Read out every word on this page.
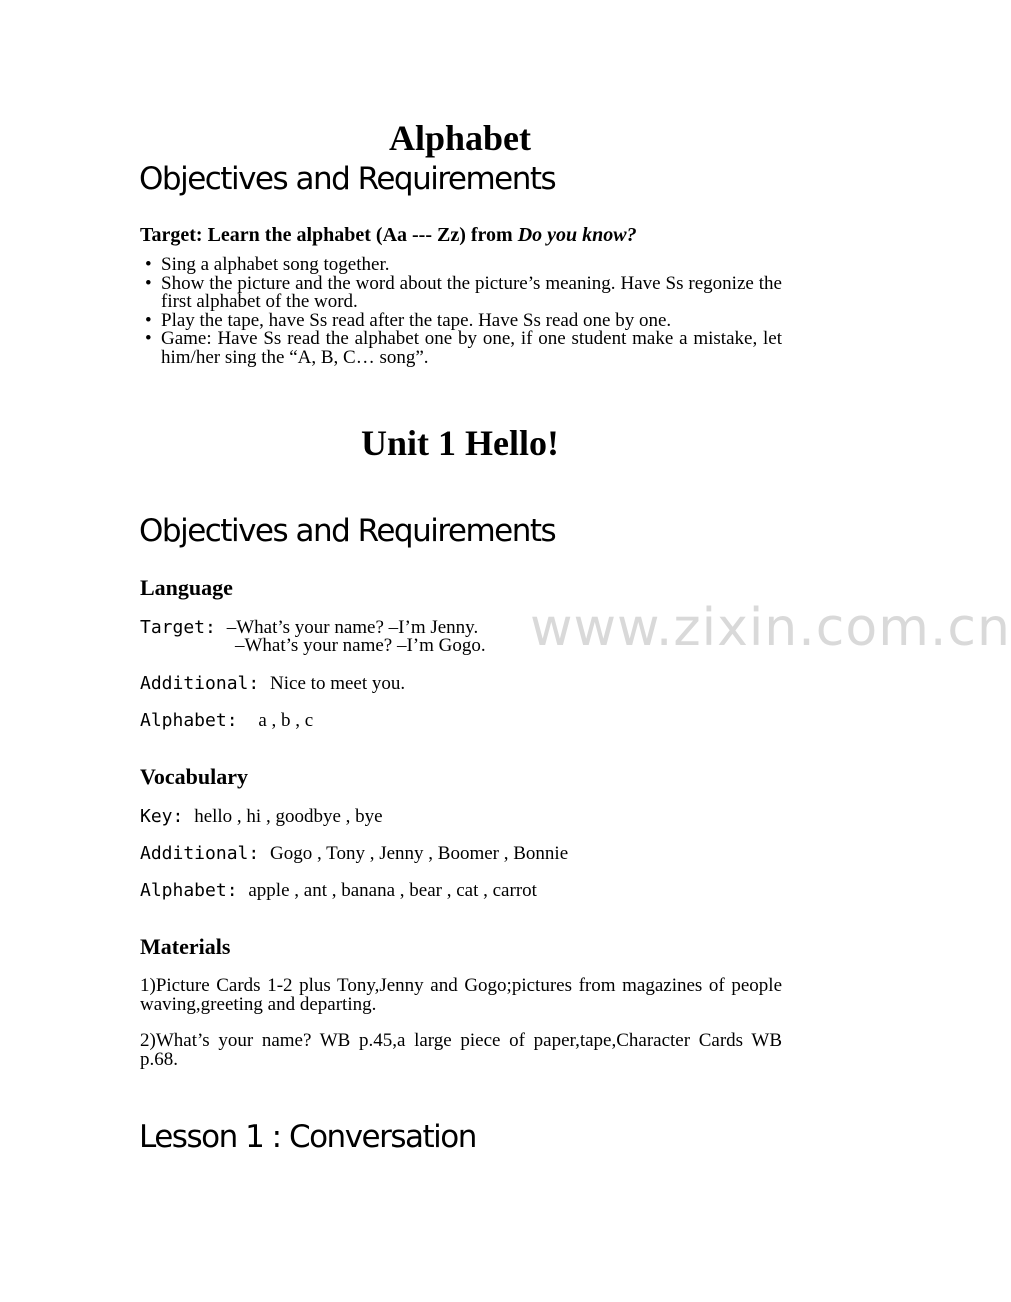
www.zixin.com.cn
Alphabet
Objectives and Requirements
Target: Learn the alphabet (Aa --- Zz) from Do you know?
• Sing a alphabet song together.
• Show the picture and the word about the picture’s meaning. Have Ss regonize the first alphabet of the word.
• Play the tape, have Ss read after the tape. Have Ss read one by one.
• Game: Have Ss read the alphabet one by one, if one student make a mistake, let him/her sing the “A, B, C… song”.
Unit 1 Hello!
Objectives and Requirements
Language
Target: –What’s your name? –I’m Jenny.
–What’s your name? –I’m Gogo.
Additional: Nice to meet you.
Alphabet: a , b , c
Vocabulary
Key: hello , hi , goodbye , bye
Additional: Gogo , Tony , Jenny , Boomer , Bonnie
Alphabet: apple , ant , banana , bear , cat , carrot
Materials
1)Picture Cards 1-2 plus Tony,Jenny and Gogo;pictures from magazines of people waving,greeting and departing.
2)What’s your name? WB p.45,a large piece of paper,tape,Character Cards WB p.68.
Lesson 1 : Conversation
